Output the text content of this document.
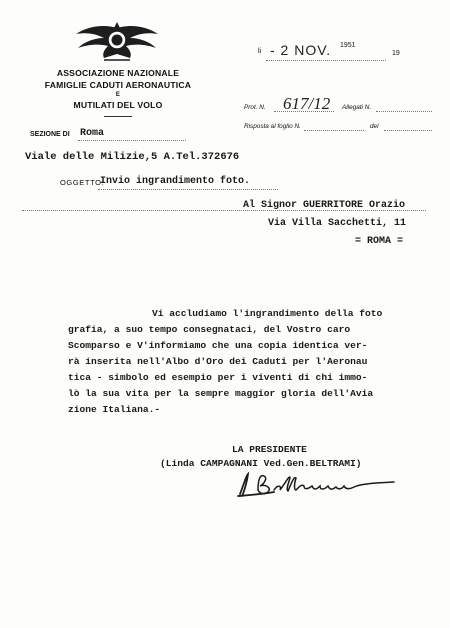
ASSOCIAZIONE NAZIONALE
FAMIGLIE CADUTI AERONAUTICA
E
MUTILATI DEL VOLO
SEZIONE DI Roma
li - 2 NOV. 1951
19
Prot. N. 617/12 Allegati N.
Risposta al foglio N.	del
Viale delle Milizie,5 A.Tel.372676
OGGETTO:
Invio ingrandimento foto.
Al Signor GUERRITORE Orazio
Via Villa Sacchetti, 11
= ROMA =
Vi accludiamo l'ingrandimento della foto
grafia, a suo tempo consegnataci, del Vostro caro
Scomparso e V'informiamo che una copia identica ver-
rà inserita nell'Albo d'Oro dei Caduti per l'Aeronau
tica - simbolo ed esempio per i viventi di chi immo-
lò la sua vita per la sempre maggior gloria dell'Avia
zione Italiana.-
LA PRESIDENTE
(Linda CAMPAGNANI Ved.Gen.BELTRAMI)
